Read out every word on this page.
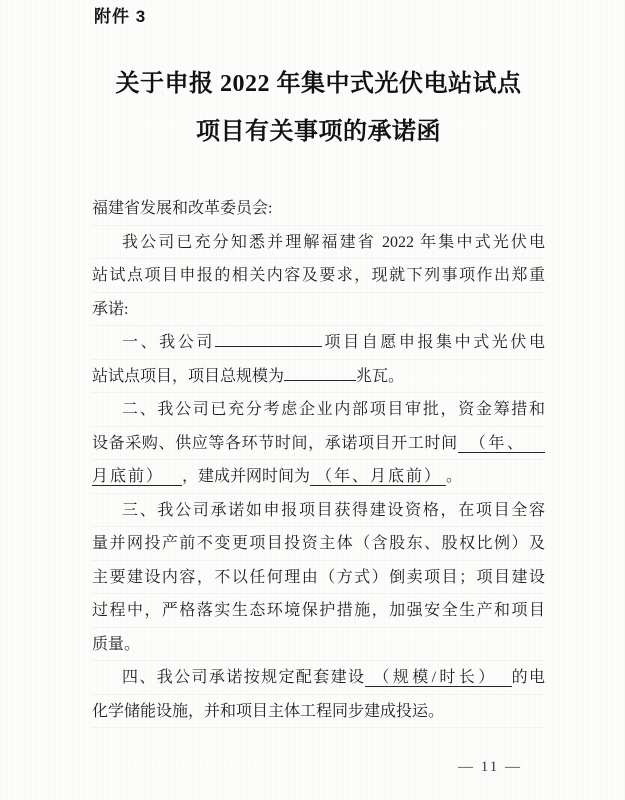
附件 3
关于申报 2022 年集中式光伏电站试点
项目有关事项的承诺函
福建省发展和改革委员会:
我公司已充分知悉并理解福建省 2022 年集中式光伏电
站试点项目申报的相关内容及要求，现就下列事项作出郑重
承诺:
一、我公司	项目自愿申报集中式光伏电
站试点项目，项目总规模为	兆瓦。
二、我公司已充分考虑企业内部项目审批，资金筹措和
设备采购、供应等各环节时间，承诺项目开工时间 （年、
月底前） ，建成并网时间为 （年、月底前） 。
三、我公司承诺如申报项目获得建设资格，在项目全容
量并网投产前不变更项目投资主体（含股东、股权比例）及
主要建设内容，不以任何理由（方式）倒卖项目；项目建设
过程中，严格落实生态环境保护措施，加强安全生产和项目
质量。
四、我公司承诺按规定配套建设 （规模/时长） 的电
化学储能设施，并和项目主体工程同步建成投运。
— 11 —
